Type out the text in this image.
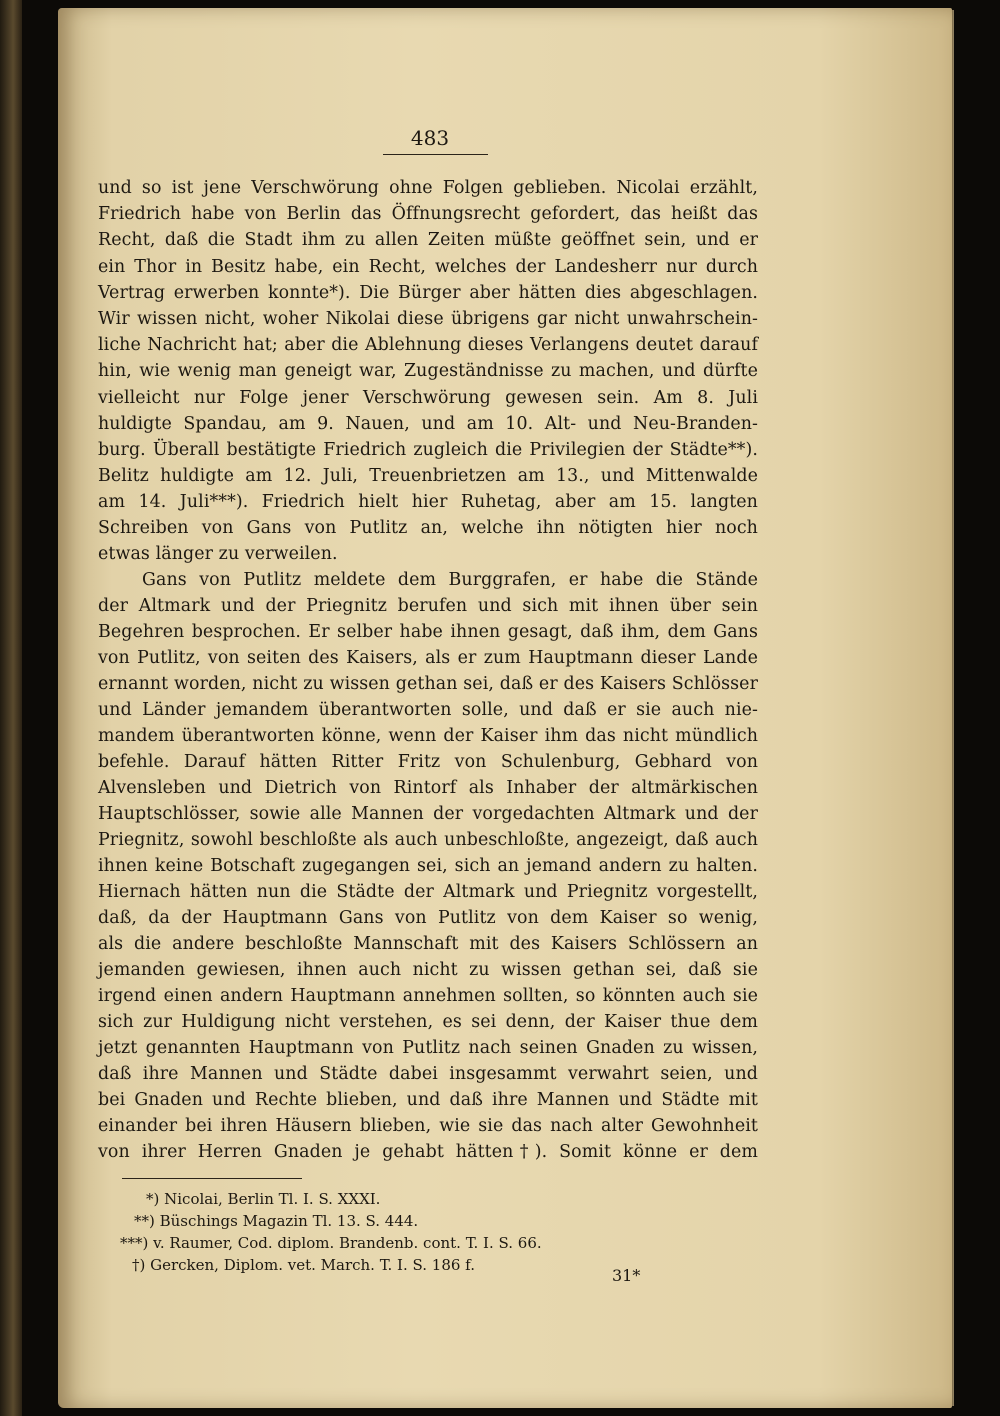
483
und so ist jene Verschwörung ohne Folgen geblieben. Nicolai erzählt,
Friedrich habe von Berlin das Öffnungsrecht gefordert, das heißt das
Recht, daß die Stadt ihm zu allen Zeiten müßte geöffnet sein, und er
ein Thor in Besitz habe, ein Recht, welches der Landesherr nur durch
Vertrag erwerben konnte*). Die Bürger aber hätten dies abgeschlagen.
Wir wissen nicht, woher Nikolai diese übrigens gar nicht unwahrschein-
liche Nachricht hat; aber die Ablehnung dieses Verlangens deutet darauf
hin, wie wenig man geneigt war, Zugeständnisse zu machen, und dürfte
vielleicht nur Folge jener Verschwörung gewesen sein. Am 8. Juli
huldigte Spandau, am 9. Nauen, und am 10. Alt- und Neu-Branden-
burg. Überall bestätigte Friedrich zugleich die Privilegien der Städte**).
Belitz huldigte am 12. Juli, Treuenbrietzen am 13., und Mittenwalde
am 14. Juli***). Friedrich hielt hier Ruhetag, aber am 15. langten
Schreiben von Gans von Putlitz an, welche ihn nötigten hier noch
etwas länger zu verweilen.
Gans von Putlitz meldete dem Burggrafen, er habe die Stände
der Altmark und der Priegnitz berufen und sich mit ihnen über sein
Begehren besprochen. Er selber habe ihnen gesagt, daß ihm, dem Gans
von Putlitz, von seiten des Kaisers, als er zum Hauptmann dieser Lande
ernannt worden, nicht zu wissen gethan sei, daß er des Kaisers Schlösser
und Länder jemandem überantworten solle, und daß er sie auch nie-
mandem überantworten könne, wenn der Kaiser ihm das nicht mündlich
befehle. Darauf hätten Ritter Fritz von Schulenburg, Gebhard von
Alvensleben und Dietrich von Rintorf als Inhaber der altmärkischen
Hauptschlösser, sowie alle Mannen der vorgedachten Altmark und der
Priegnitz, sowohl beschloßte als auch unbeschloßte, angezeigt, daß auch
ihnen keine Botschaft zugegangen sei, sich an jemand andern zu halten.
Hiernach hätten nun die Städte der Altmark und Priegnitz vorgestellt,
daß, da der Hauptmann Gans von Putlitz von dem Kaiser so wenig,
als die andere beschloßte Mannschaft mit des Kaisers Schlössern an
jemanden gewiesen, ihnen auch nicht zu wissen gethan sei, daß sie
irgend einen andern Hauptmann annehmen sollten, so könnten auch sie
sich zur Huldigung nicht verstehen, es sei denn, der Kaiser thue dem
jetzt genannten Hauptmann von Putlitz nach seinen Gnaden zu wissen,
daß ihre Mannen und Städte dabei insgesammt verwahrt seien, und
bei Gnaden und Rechte blieben, und daß ihre Mannen und Städte mit
einander bei ihren Häusern blieben, wie sie das nach alter Gewohnheit
von ihrer Herren Gnaden je gehabt hätten†). Somit könne er dem
*) Nicolai, Berlin Tl. I. S. XXXI.
**) Büschings Magazin Tl. 13. S. 444.
***) v. Raumer, Cod. diplom. Brandenb. cont. T. I. S. 66.
†) Gercken, Diplom. vet. March. T. I. S. 186 f.
31*
